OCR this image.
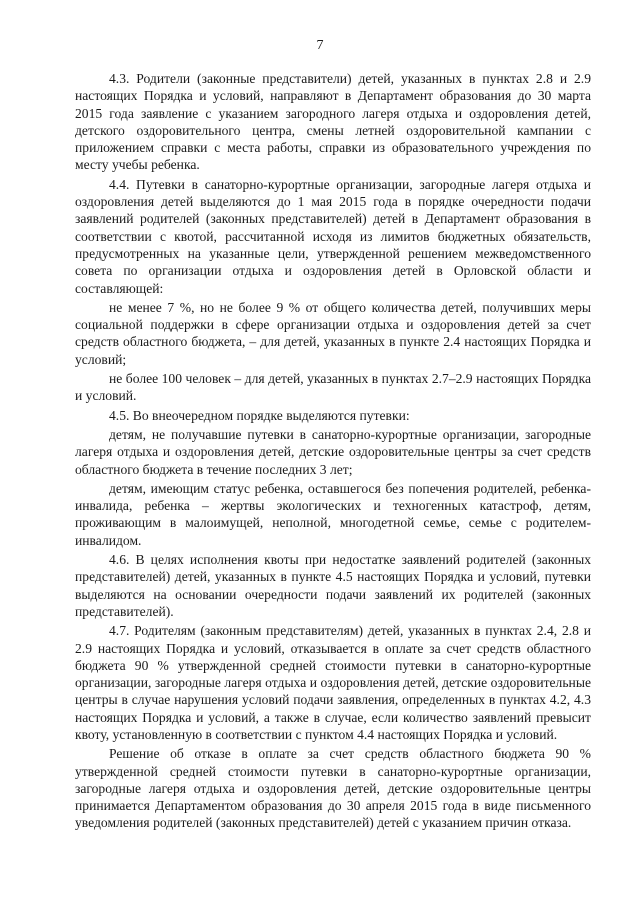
7

4.3. Родители (законные представители) детей, указанных в пунктах 2.8 и 2.9 настоящих Порядка и условий, направляют в Департамент образования до 30 марта 2015 года заявление с указанием загородного лагеря отдыха и оздоровления детей, детского оздоровительного центра, смены летней оздоровительной кампании с приложением справки с места работы, справки из образовательного учреждения по месту учебы ребенка.

4.4. Путевки в санаторно-курортные организации, загородные лагеря отдыха и оздоровления детей выделяются до 1 мая 2015 года в порядке очередности подачи заявлений родителей (законных представителей) детей в Департамент образования в соответствии с квотой, рассчитанной исходя из лимитов бюджетных обязательств, предусмотренных на указанные цели, утвержденной решением межведомственного совета по организации отдыха и оздоровления детей в Орловской области и составляющей:

не менее 7 %, но не более 9 % от общего количества детей, получивших меры социальной поддержки в сфере организации отдыха и оздоровления детей за счет средств областного бюджета, – для детей, указанных в пункте 2.4 настоящих Порядка и условий;

не более 100 человек – для детей, указанных в пунктах 2.7–2.9 настоящих Порядка и условий.

4.5. Во внеочередном порядке выделяются путевки:

детям, не получавшие путевки в санаторно-курортные организации, загородные лагеря отдыха и оздоровления детей, детские оздоровительные центры за счет средств областного бюджета в течение последних 3 лет;

детям, имеющим статус ребенка, оставшегося без попечения родителей, ребенка-инвалида, ребенка – жертвы экологических и техногенных катастроф, детям, проживающим в малоимущей, неполной, многодетной семье, семье с родителем-инвалидом.

4.6. В целях исполнения квоты при недостатке заявлений родителей (законных представителей) детей, указанных в пункте 4.5 настоящих Порядка и условий, путевки выделяются на основании очередности подачи заявлений их родителей (законных представителей).

4.7. Родителям (законным представителям) детей, указанных в пунктах 2.4, 2.8 и 2.9 настоящих Порядка и условий, отказывается в оплате за счет средств областного бюджета 90 % утвержденной средней стоимости путевки в санаторно-курортные организации, загородные лагеря отдыха и оздоровления детей, детские оздоровительные центры в случае нарушения условий подачи заявления, определенных в пунктах 4.2, 4.3 настоящих Порядка и условий, а также в случае, если количество заявлений превысит квоту, установленную в соответствии с пунктом 4.4 настоящих Порядка и условий.

Решение об отказе в оплате за счет средств областного бюджета 90 % утвержденной средней стоимости путевки в санаторно-курортные организации, загородные лагеря отдыха и оздоровления детей, детские оздоровительные центры принимается Департаментом образования до 30 апреля 2015 года в виде письменного уведомления родителей (законных представителей) детей с указанием причин отказа.
